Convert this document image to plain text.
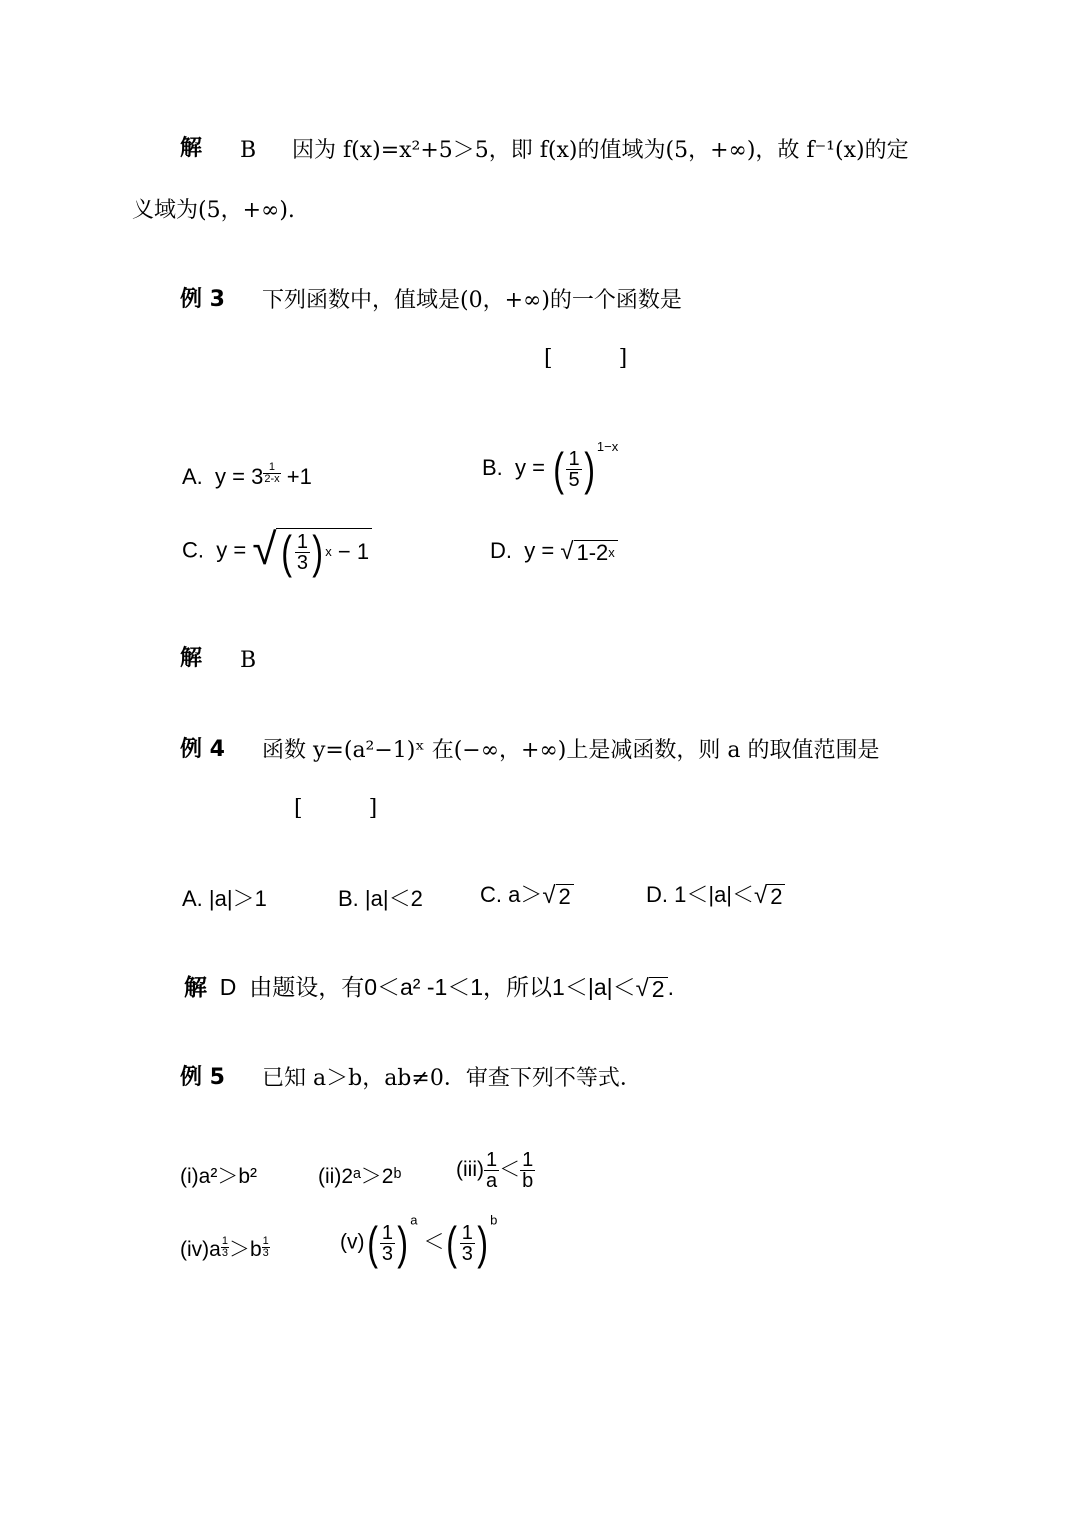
解 B 因为 f(x)=x²+5＞5，即 f(x)的值域为(5，+∞)，故 f⁻¹(x)的定
义域为(5，+∞).
例 3 下列函数中，值域是(0，+∞)的一个函数是
[　　　]
A. $y = 3 \frac{1}{2-x} +1$	B. y = ( $\frac{1}{5}$ ) $^{1-x}$
C. y = √ ( $\frac{1}{3}$ ) x
− 1	D. y = √ 1-2 x
解 B
例 4 函数 y=(a²−1)ˣ 在(−∞，+∞)上是减函数，则 a 的取值范围是
[　　　]
A. |a|＞1	B. |a|＜2	C. a＞ √ 2	D. 1＜|a|＜ √ 2
解 D 由题设，有0＜a² -1＜1，所以1＜|a|＜ √ 2 .
例 5 已知 a＞b，ab≠0．审查下列不等式．
(i)a²＞b²	(ii)2ᵃ＞2ᵇ	$(iii) \frac{1}{a} < \frac{1}{b}$
$(iv)a \frac{1}{3} >b \frac{1}{3}$	(v) ( $\frac{1}{3}$ ) $^a$ ＜ ( $\frac{1}{3}$ ) $^b$
